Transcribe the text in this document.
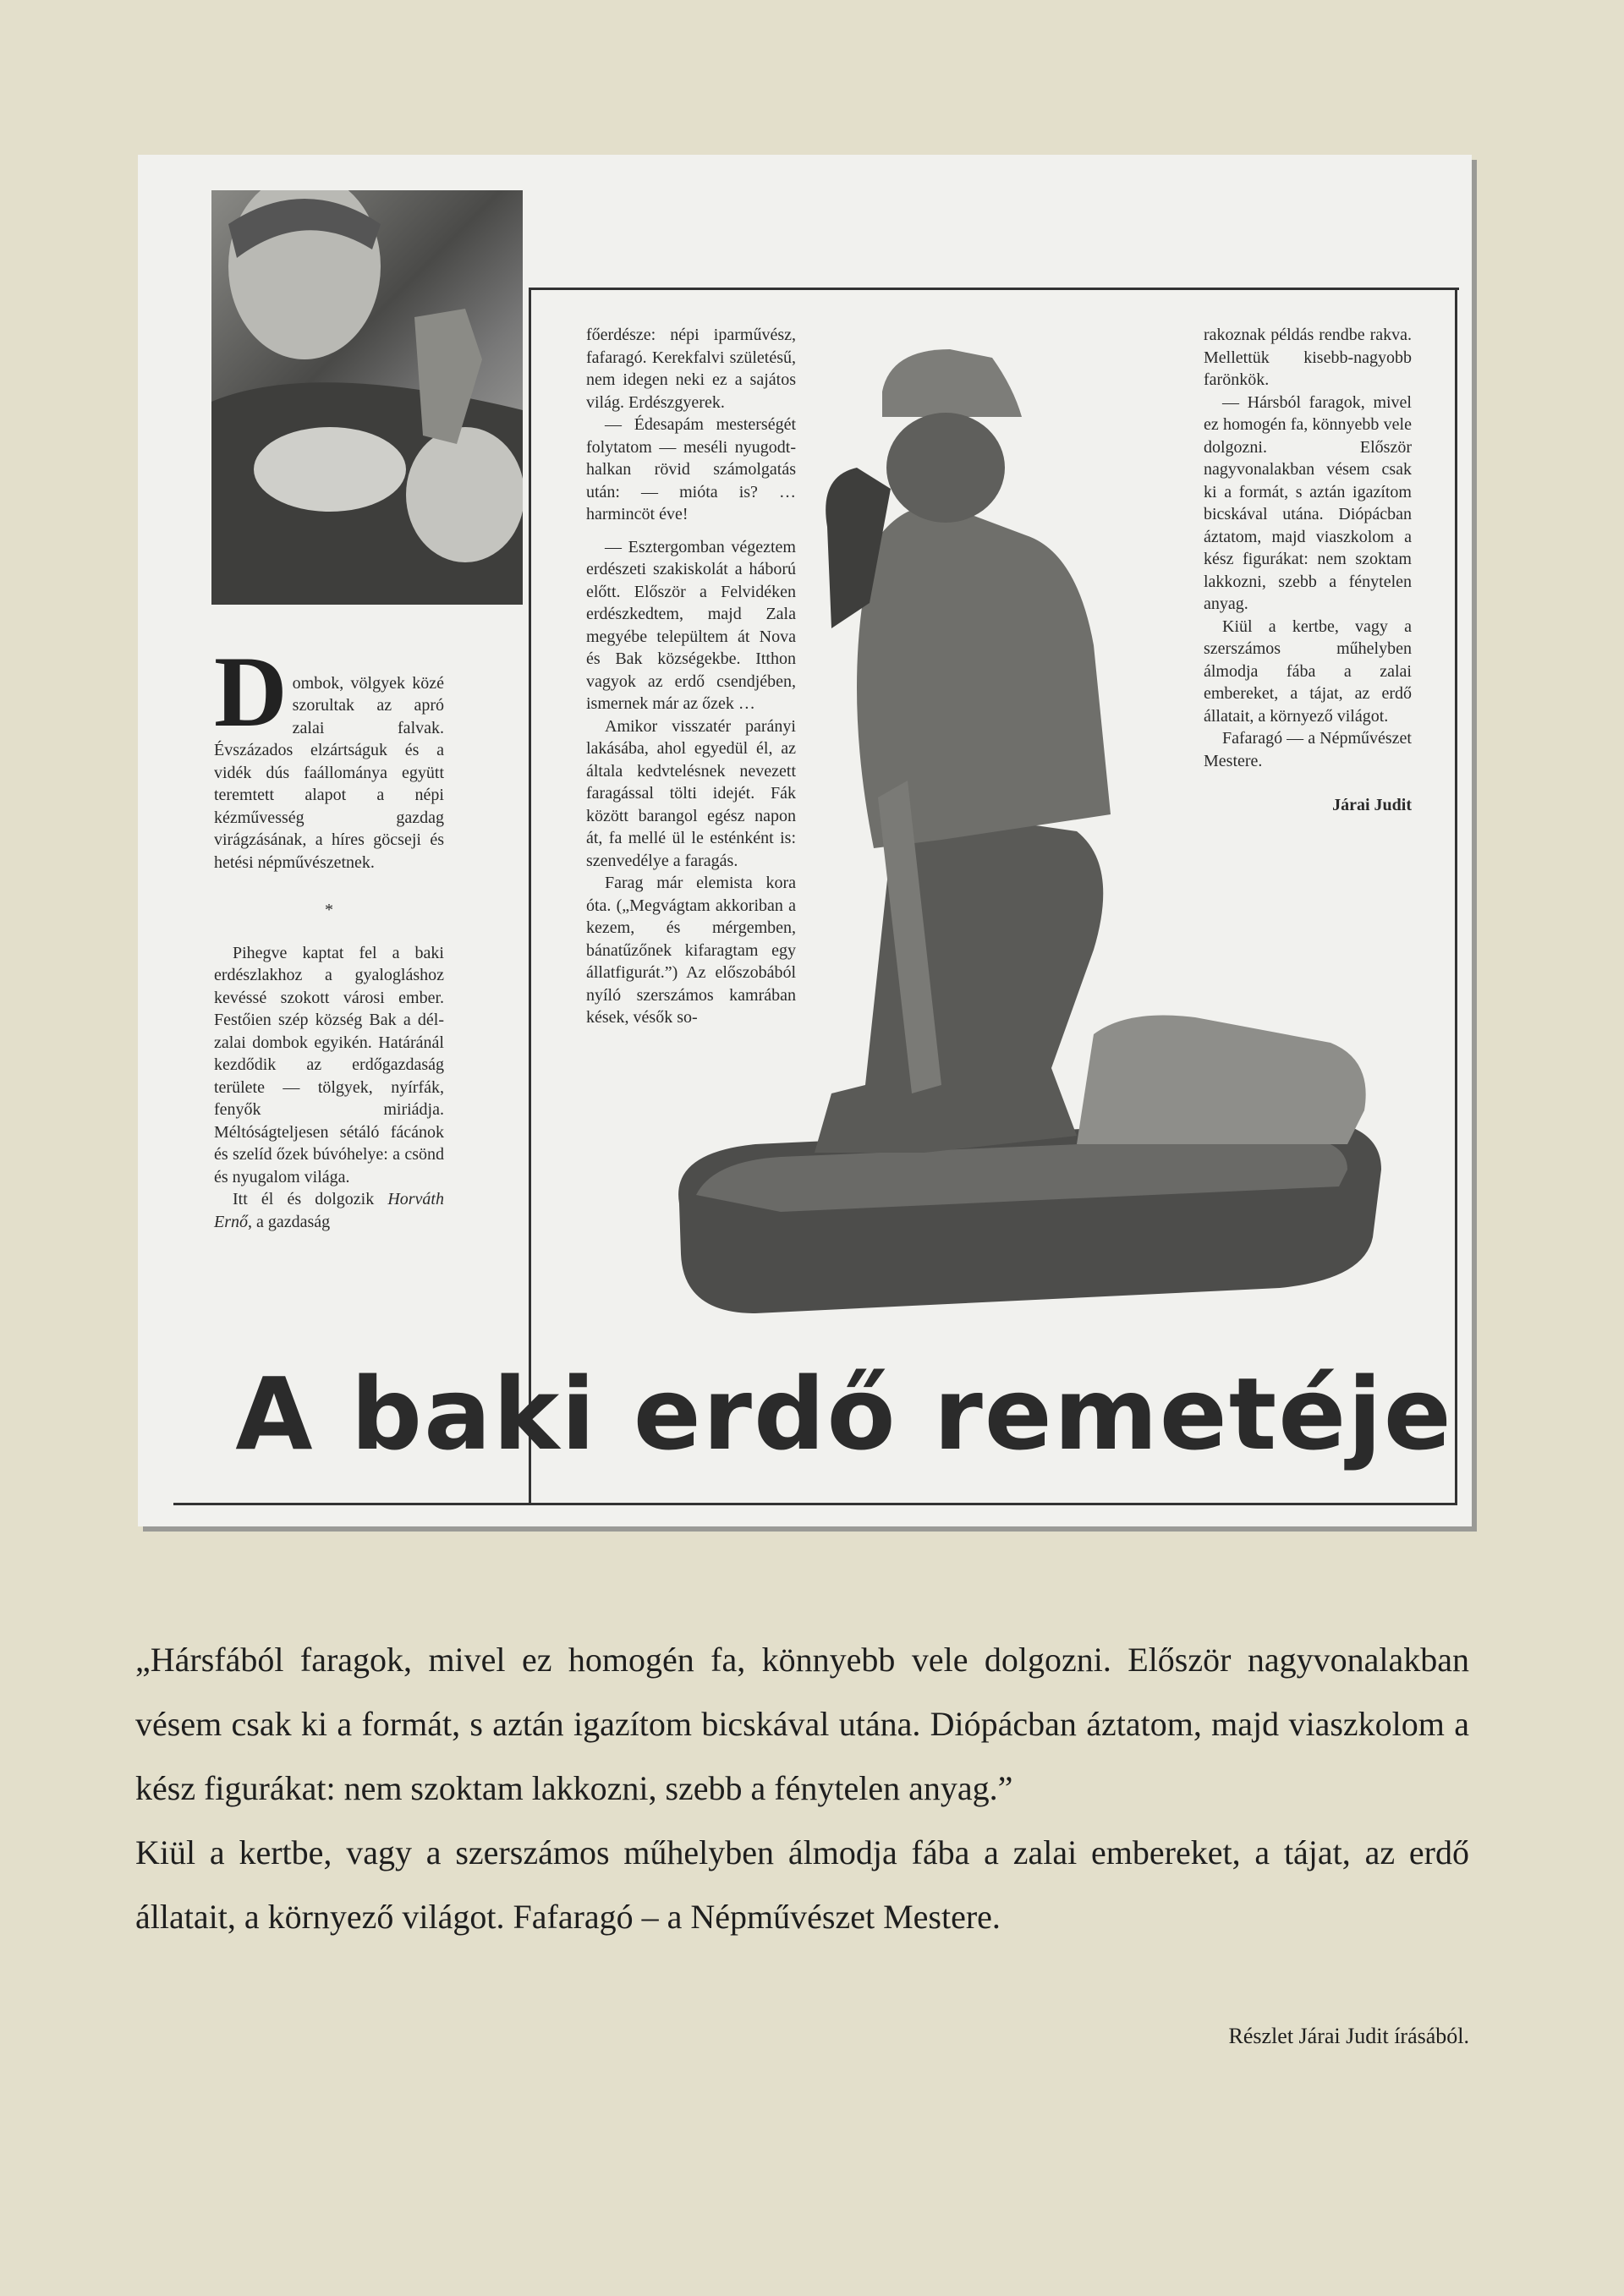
Dombok, völgyek közé szorultak az apró zalai falvak. Évszázados elzártságuk és a vidék dús faállománya együtt teremtett alapot a népi kézművesség gazdag virágzásának, a híres göcseji és hetési népművészetnek.

*

Pihegve kaptat fel a baki erdészlakhoz a gyalogláshoz kevéssé szokott városi ember. Festőien szép község Bak a dél-zalai dombok egyikén. Határánál kezdődik az erdőgazdaság területe — tölgyek, nyírfák, fenyők miriádja. Méltóságteljesen sétáló fácánok és szelíd őzek búvóhelye: a csönd és nyugalom világa.

Itt él és dolgozik Horváth Ernő, a gazdaság

főerdésze: népi iparművész, fafaragó. Kerekfalvi születésű, nem idegen neki ez a sajátos világ. Erdészgyerek.

— Édesapám mesterségét folytatom — meséli nyugodt-halkan rövid számolgatás után: — mióta is? … harmincöt éve!

— Esztergomban végeztem erdészeti szakiskolát a háború előtt. Először a Felvidéken erdészkedtem, majd Zala megyébe települtem át Nova és Bak községekbe. Itthon vagyok az erdő csendjében, ismernek már az őzek …

Amikor visszatér parányi lakásába, ahol egyedül él, az általa kedvtelésnek nevezett faragással tölti idejét. Fák között barangol egész napon át, fa mellé ül le esténként is: szenvedélye a faragás.

Farag már elemista kora óta. („Megvágtam akkoriban a kezem, és mérgemben, bánatűzőnek kifaragtam egy állatfigurát.”) Az előszobából nyíló szerszámos kamrában kések, vésők so-

rakoznak példás rendbe rakva. Mellettük kisebb-nagyobb farönkök.

— Hársból faragok, mivel ez homogén fa, könnyebb vele dolgozni. Először nagyvonalakban vésem csak ki a formát, s aztán igazítom bicskával utána. Diópácban áztatom, majd viaszkolom a kész figurákat: nem szoktam lakkozni, szebb a fénytelen anyag.

Kiül a kertbe, vagy a szerszámos műhelyben álmodja fába a zalai embereket, a tájat, az erdő állatait, a környező világot.

Fafaragó — a Népművészet Mestere.

Járai Judit

A baki erdő remetéje

„Hársfából faragok, mivel ez homogén fa, könnyebb vele dolgozni. Először nagyvonalakban vésem csak ki a formát, s aztán igazítom bicskával utána. Diópácban áztatom, majd viaszkolom a kész figurákat: nem szoktam lakkozni, szebb a fénytelen anyag.”

Kiül a kertbe, vagy a szerszámos műhelyben álmodja fába a zalai embereket, a tájat, az erdő állatait, a környező világot. Fafaragó – a Népművészet Mestere.

Részlet Járai Judit írásából.
